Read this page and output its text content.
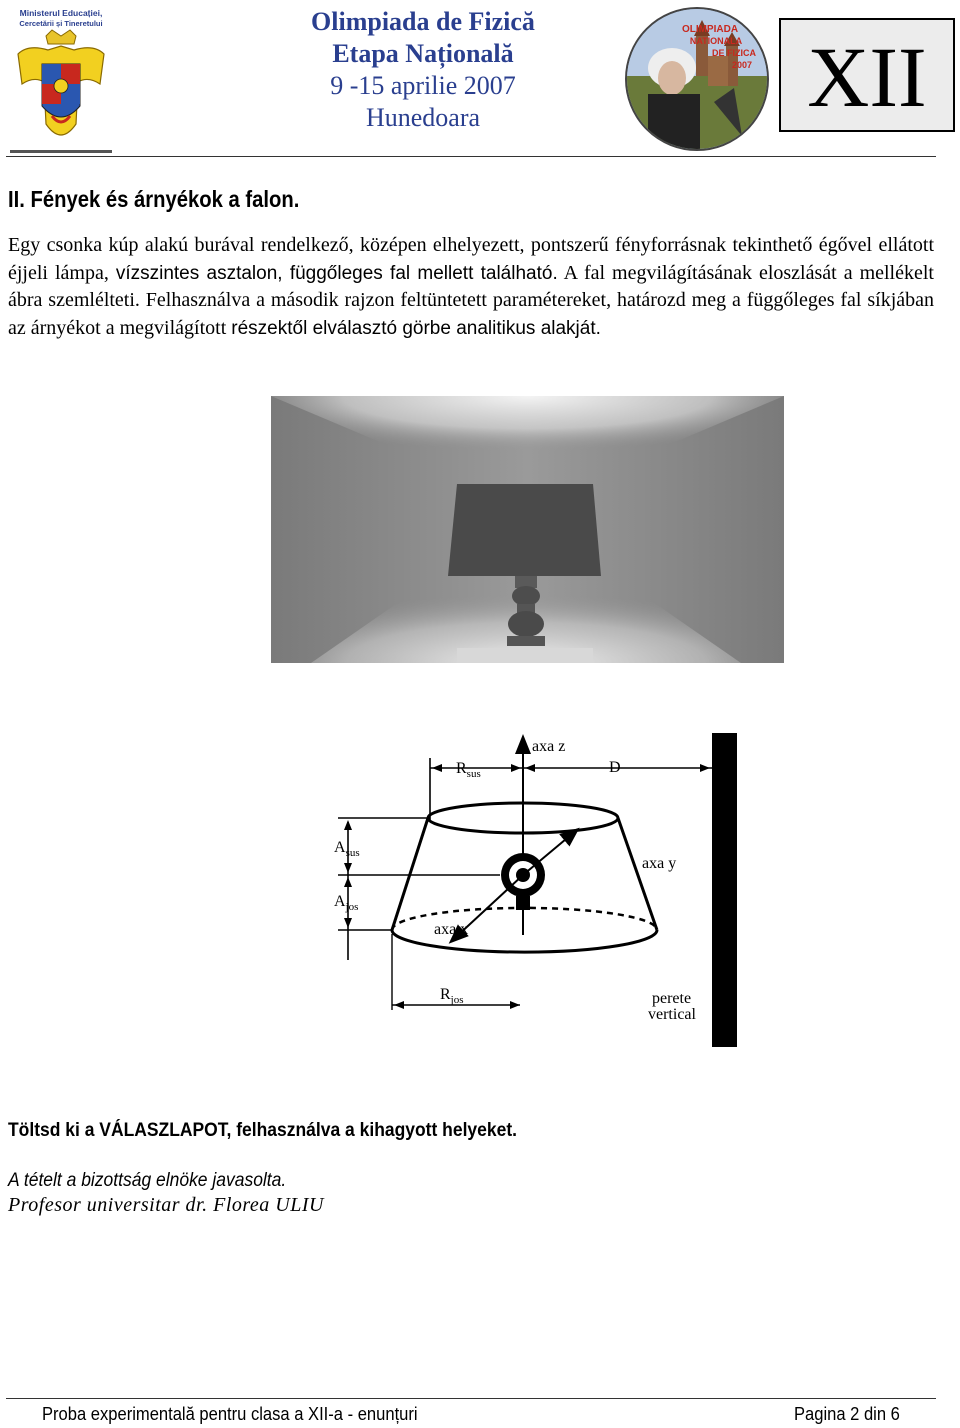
Ministerul Educației,
Cercetării și Tineretului	Olimpiada de Fizică
Etapa Națională
9 -15 aprilie 2007
Hunedoara
OLIMPIADA
NATIONALA
DE FIZICA
2007 XII
II. Fények és árnyékok a falon.
Egy csonka kúp alakú burával rendelkező, középen elhelyezett, pontszerű fényforrásnak tekinthető égővel ellátott éjjeli lámpa, vízszintes asztalon, függőleges fal mellett található. A fal megvilágításának eloszlását a mellékelt ábra szemlélteti. Felhasználva a második rajzon feltüntetett paramétereket, határozd meg a függőleges fal síkjában az árnyékot a megvilágított részektől elválasztó görbe analitikus alakját.
axa z
$R_{sus}$	D
$A_{sus}$
$A_{jos}$
axa y
axa x
$R_{jos}$	perete
vertical
Töltsd ki a VÁLASZLAPOT, felhasználva a kihagyott helyeket.
A tételt a bizottság elnöke javasolta.
Profesor universitar dr. Florea ULIU
Proba experimentală pentru clasa a XII-a - enunțuri	Pagina 2 din 6
